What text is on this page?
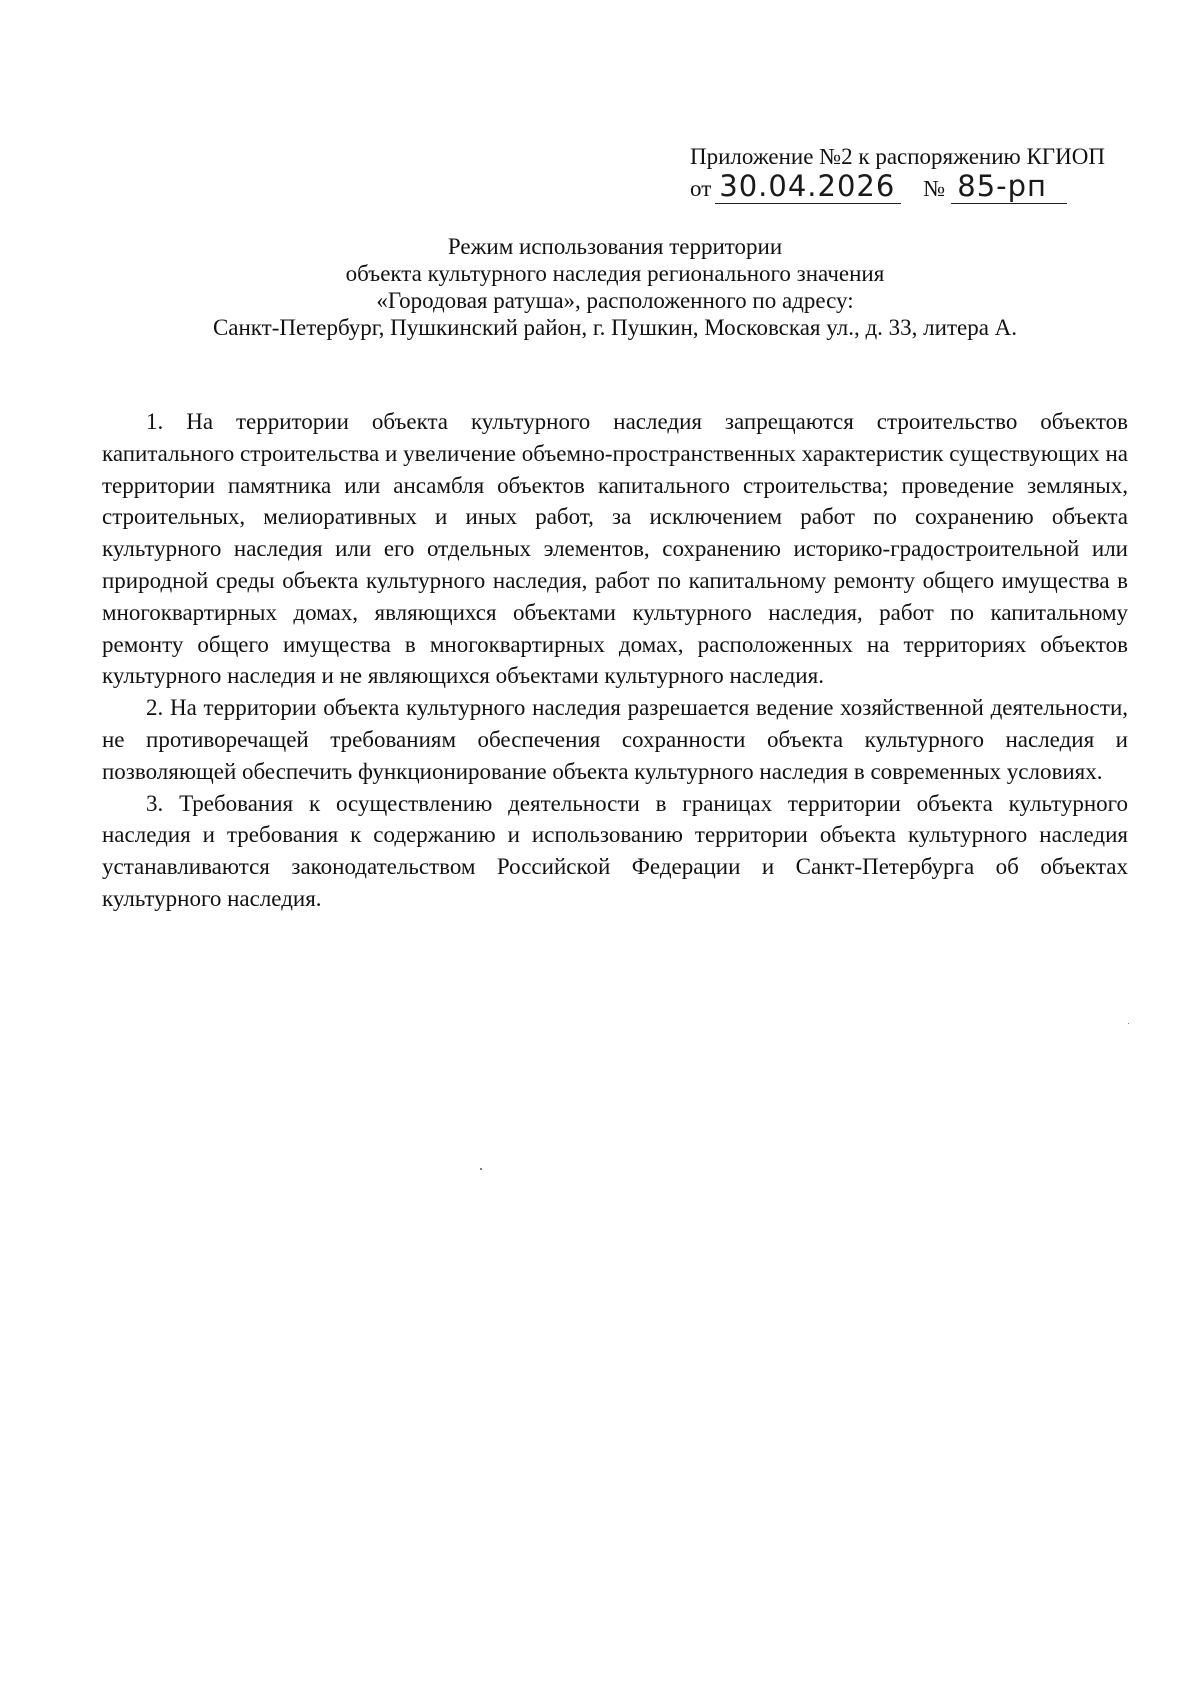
Приложение №2 к распоряжению КГИОП
от 30.04.2026 № 85-рп
Режим использования территории
объекта культурного наследия регионального значения
«Городовая ратуша», расположенного по адресу:
Санкт-Петербург, Пушкинский район, г. Пушкин, Московская ул., д. 33, литера А.

1. На территории объекта культурного наследия запрещаются строительство объектов капитального строительства и увеличение объемно-пространственных характеристик существующих на территории памятника или ансамбля объектов капитального строительства; проведение земляных, строительных, мелиоративных и иных работ, за исключением работ по сохранению объекта культурного наследия или его отдельных элементов, сохранению историко-градостроительной или природной среды объекта культурного наследия, работ по капитальному ремонту общего имущества в многоквартирных домах, являющихся объектами культурного наследия, работ по капитальному ремонту общего имущества в многоквартирных домах, расположенных на территориях объектов культурного наследия и не являющихся объектами культурного наследия.

2. На территории объекта культурного наследия разрешается ведение хозяйственной деятельности, не противоречащей требованиям обеспечения сохранности объекта культурного наследия и позволяющей обеспечить функционирование объекта культурного наследия в современных условиях.

3. Требования к осуществлению деятельности в границах территории объекта культурного наследия и требования к содержанию и использованию территории объекта культурного наследия устанавливаются законодательством Российской Федерации и Санкт-Петербурга об объектах культурного наследия.
